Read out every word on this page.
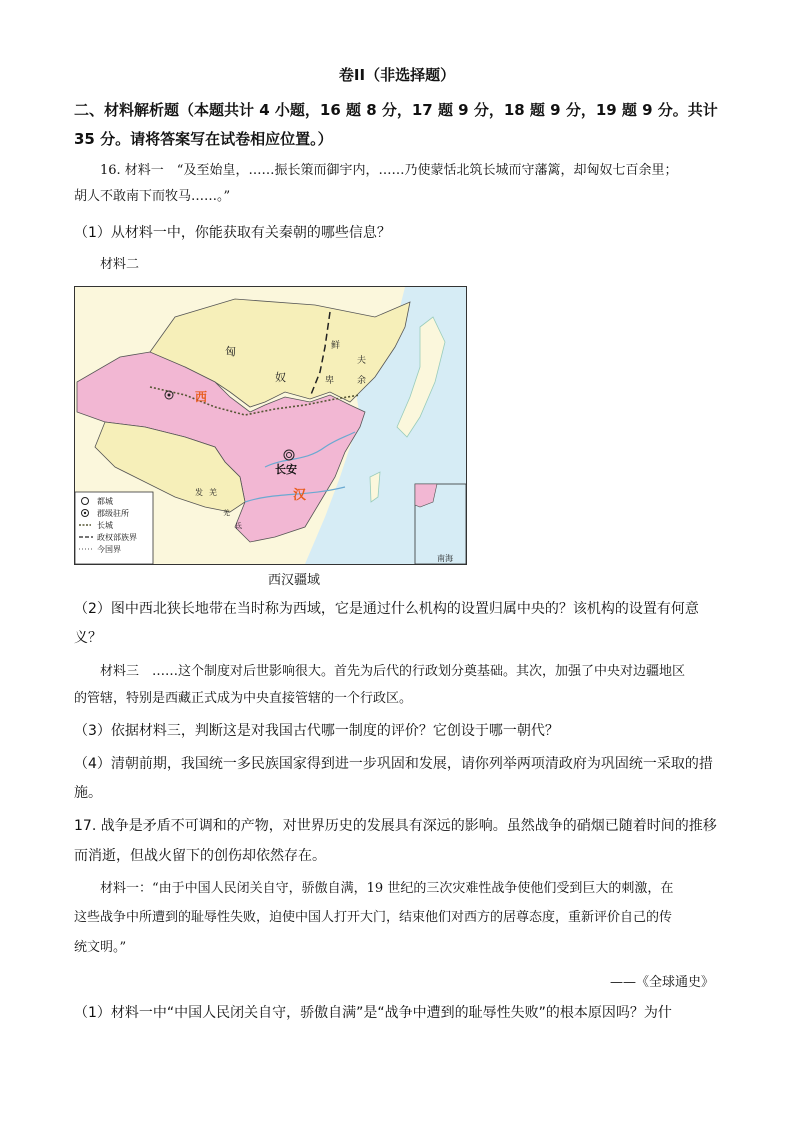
卷II（非选择题）
二、材料解析题（本题共计 4 小题，16 题 8 分，17 题 9 分，18 题 9 分，19 题 9 分。共计 35 分。请将答案写在试卷相应位置。）
16. 材料一　“及至始皇，……振长策而御宇内，……乃使蒙恬北筑长城而守藩篱，却匈奴七百余里；
胡人不敢南下而牧马……。”
（1）从材料一中，你能获取有关秦朝的哪些信息？
材料二
都城
郡级驻所
长城
政权部族界
今国界
匈
奴
鲜
卑
夫
余
西
长安
汉
发 羌
羌
氐
南海
西汉疆域
（2）图中西北狭长地带在当时称为西域，它是通过什么机构的设置归属中央的？该机构的设置有何意
义？
材料三　……这个制度对后世影响很大。首先为后代的行政划分奠基础。其次，加强了中央对边疆地区
的管辖，特别是西藏正式成为中央直接管辖的一个行政区。
（3）依据材料三，判断这是对我国古代哪一制度的评价？它创设于哪一朝代？
（4）清朝前期，我国统一多民族国家得到进一步巩固和发展，请你列举两项清政府为巩固统一采取的措
施。
17. 战争是矛盾不可调和的产物，对世界历史的发展具有深远的影响。虽然战争的硝烟已随着时间的推移
而消逝，但战火留下的创伤却依然存在。
材料一：“由于中国人民闭关自守，骄傲自满，19 世纪的三次灾难性战争使他们受到巨大的刺激，在
这些战争中所遭到的耻辱性失败，迫使中国人打开大门，结束他们对西方的居尊态度，重新评价自己的传
统文明。”
——《全球通史》
（1）材料一中“中国人民闭关自守，骄傲自满”是“战争中遭到的耻辱性失败”的根本原因吗？为什
